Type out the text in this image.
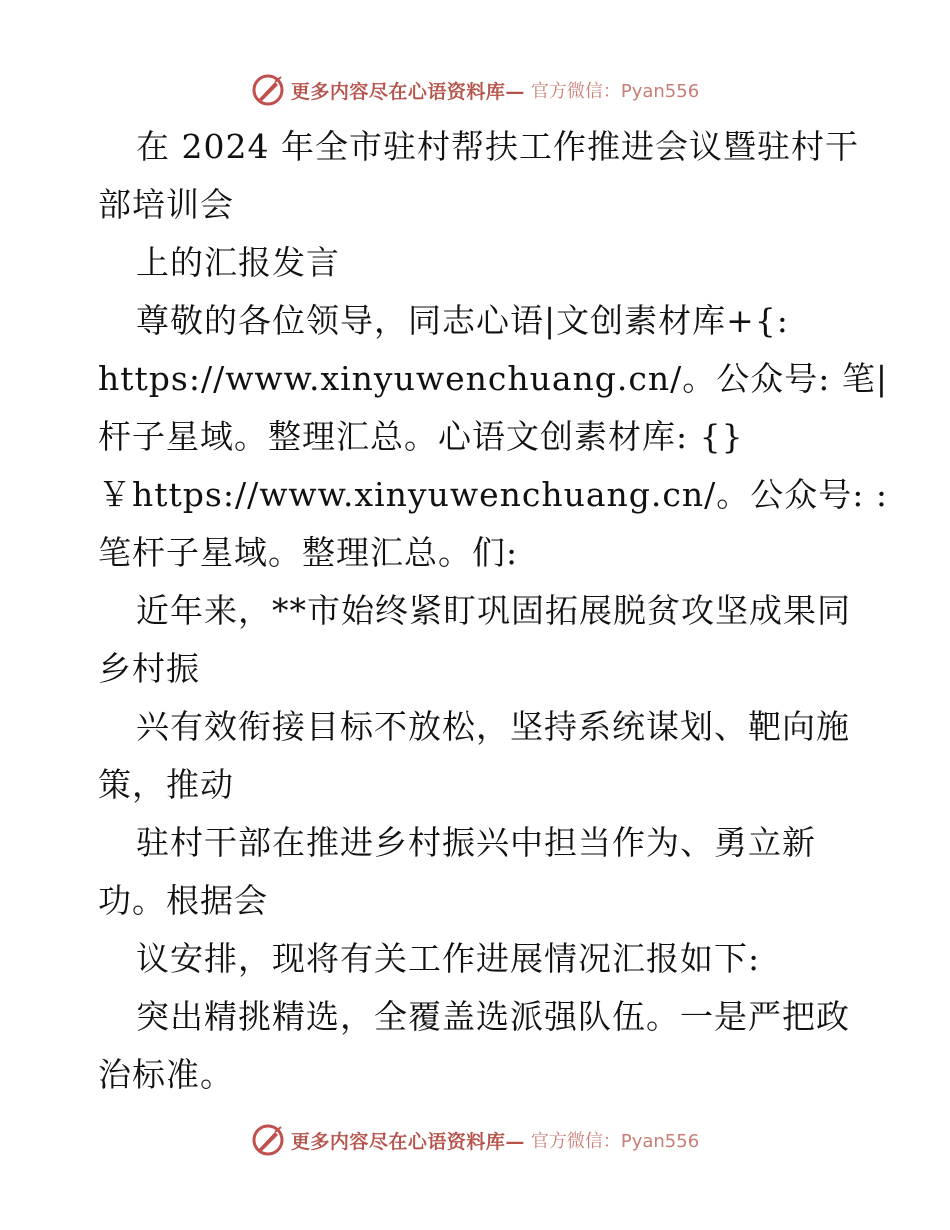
更多内容尽在心语资料库— 官方微信：Pyan556
在 2024 年全市驻村帮扶工作推进会议暨驻村干
部培训会
上的汇报发言
尊敬的各位领导，同志心语|文创素材库+{:
https://www.xinyuwenchuang.cn/。公众号: 笔|
杆子星域。整理汇总。心语文创素材库: {}
￥https://www.xinyuwenchuang.cn/。公众号: :
笔杆子星域。整理汇总。们:
近年来，**市始终紧盯巩固拓展脱贫攻坚成果同
乡村振
兴有效衔接目标不放松，坚持系统谋划、靶向施
策，推动
驻村干部在推进乡村振兴中担当作为、勇立新
功。根据会
议安排，现将有关工作进展情况汇报如下:
突出精挑精选，全覆盖选派强队伍。一是严把政
治标准。
更多内容尽在心语资料库— 官方微信：Pyan556
